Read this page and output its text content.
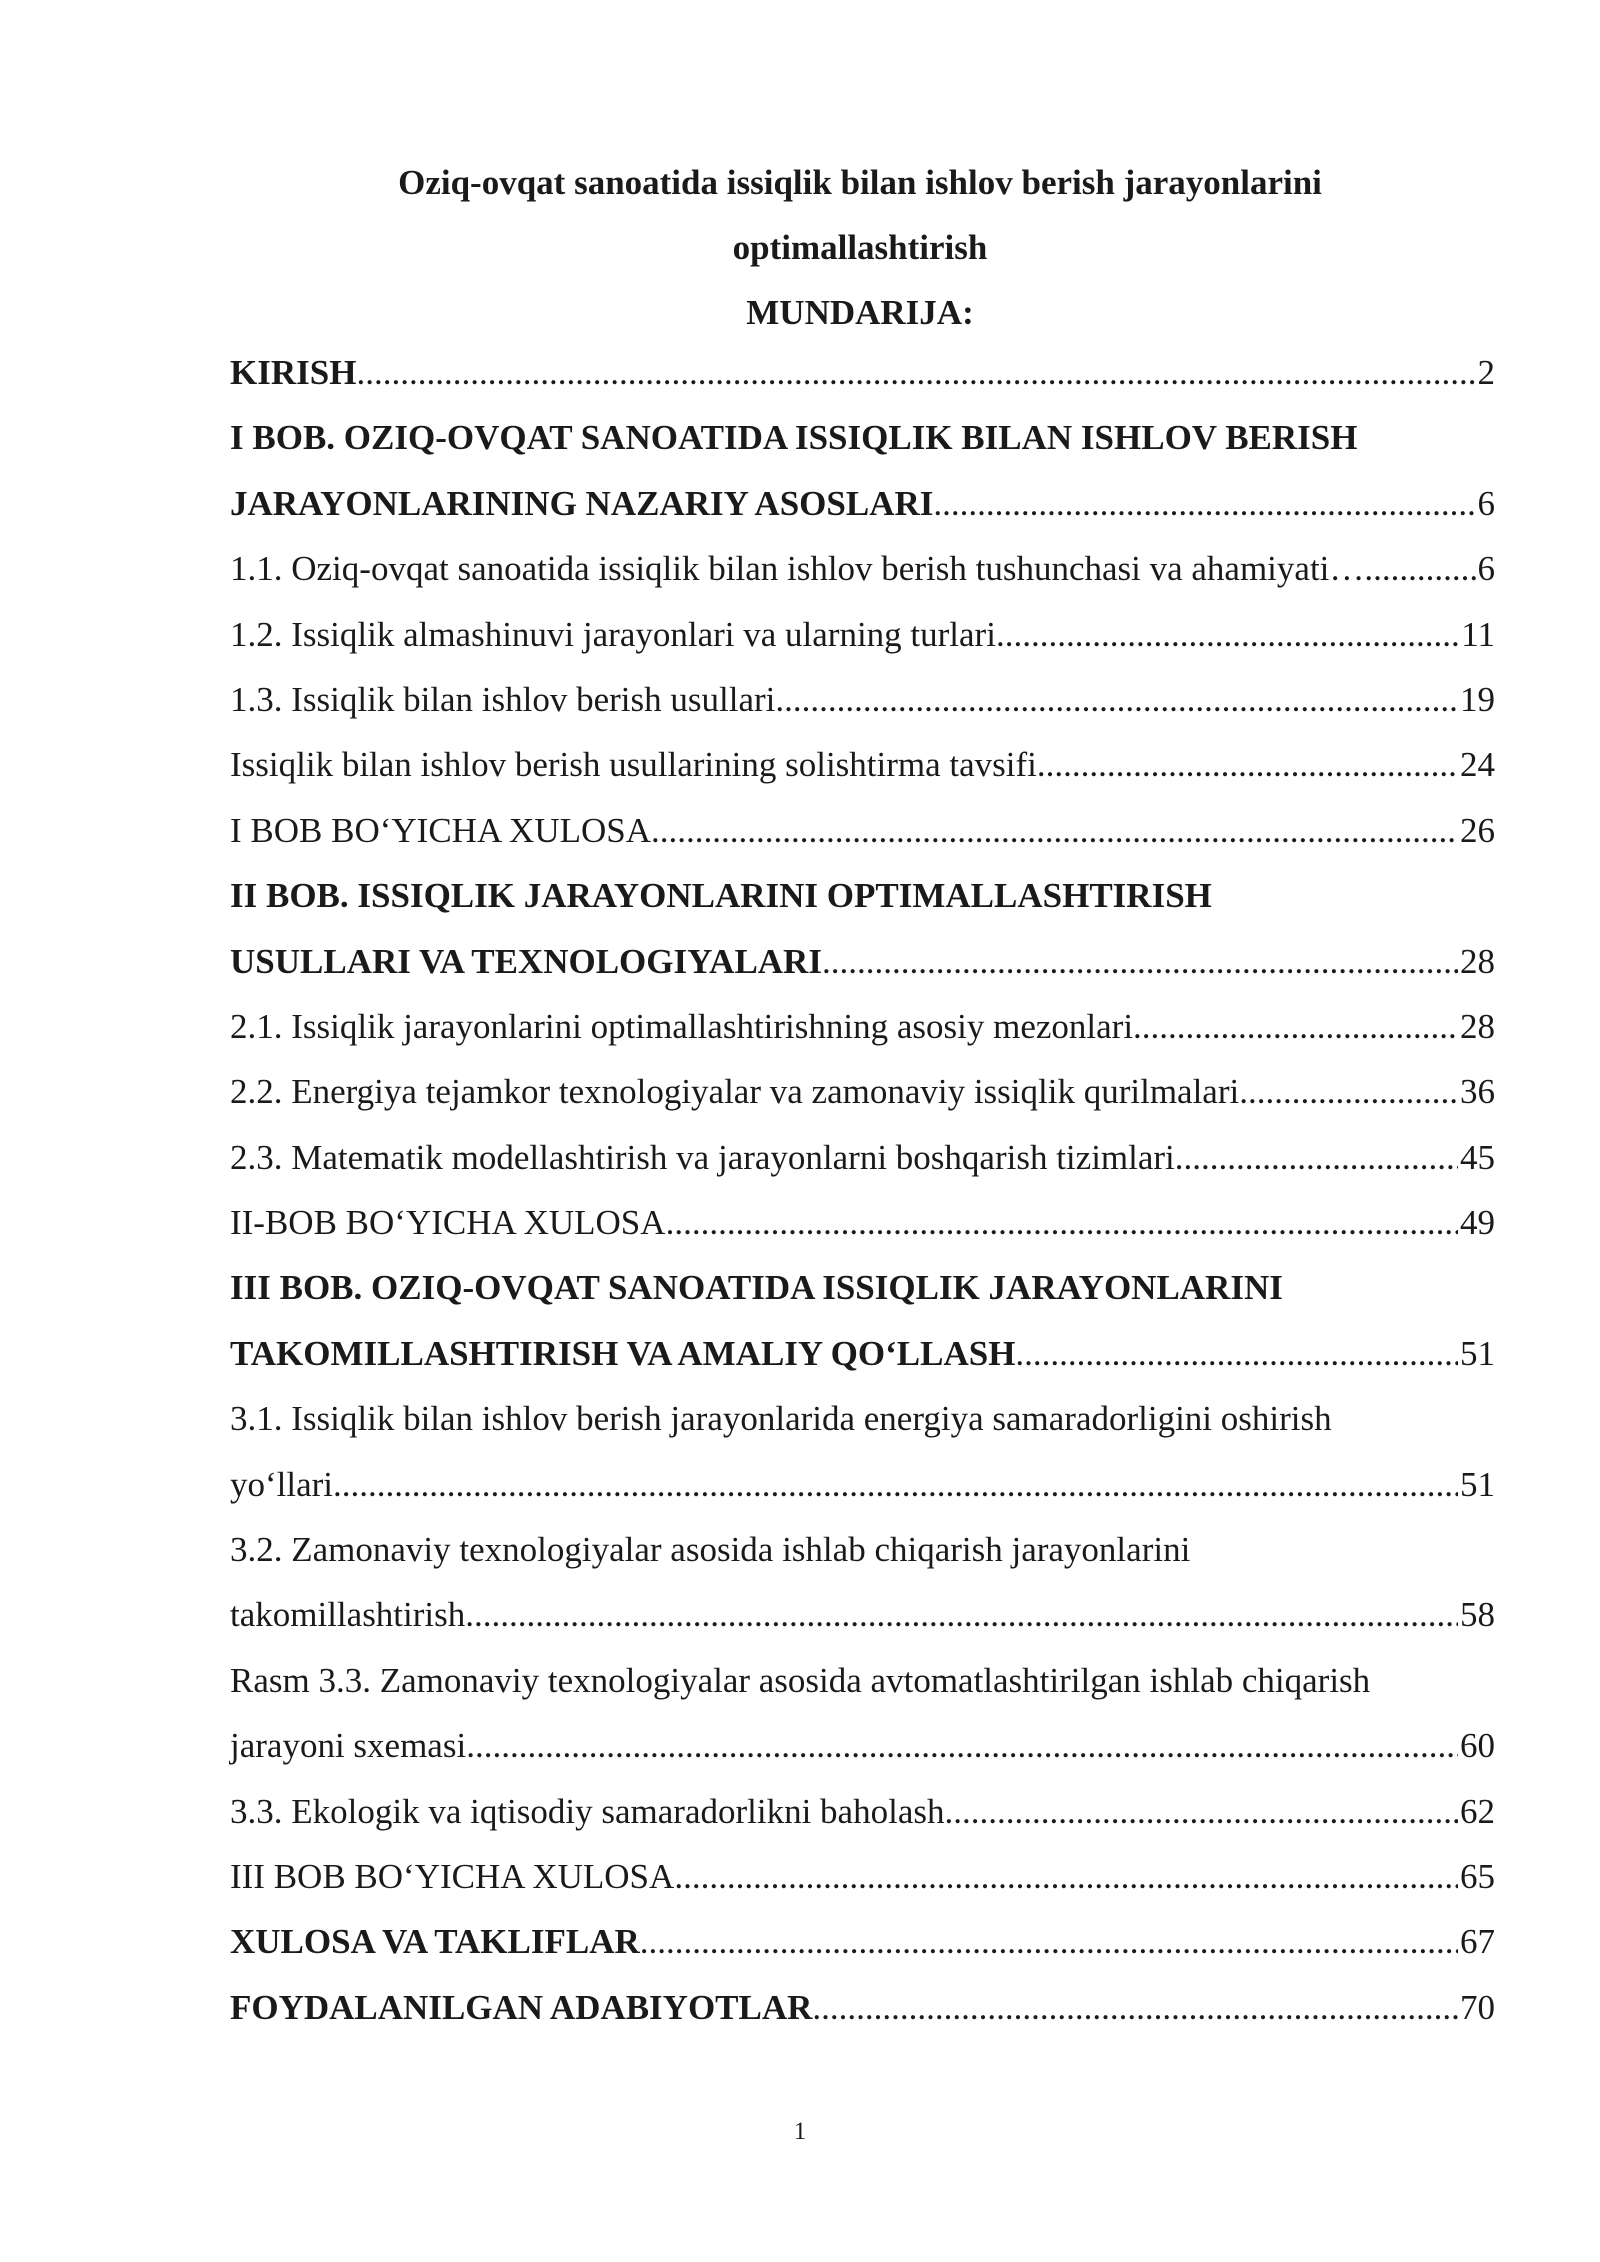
Oziq-ovqat sanoatida issiqlik bilan ishlov berish jarayonlarini
optimallashtirish
MUNDARIJA:
KIRISH .....	2
I BOB. OZIQ-OVQAT SANOATIDA ISSIQLIK BILAN ISHLOV BERISH
JARAYONLARINING NAZARIY ASOSLARI .....	6
1.1. Oziq-ovqat sanoatida issiqlik bilan ishlov berish tushunchasi va ahamiyati… .....	6
1.2. Issiqlik almashinuvi jarayonlari va ularning turlari .....	11
1.3. Issiqlik bilan ishlov berish usullari .....	19
Issiqlik bilan ishlov berish usullarining solishtirma tavsifi .....	24
I BOB BO‘YICHA XULOSA .....	26
II BOB. ISSIQLIK JARAYONLARINI OPTIMALLASHTIRISH
USULLARI VA TEXNOLOGIYALARI .....	28
2.1. Issiqlik jarayonlarini optimallashtirishning asosiy mezonlari .....	28
2.2. Energiya tejamkor texnologiyalar va zamonaviy issiqlik qurilmalari .....	36
2.3. Matematik modellashtirish va jarayonlarni boshqarish tizimlari .....	45
II-BOB BO‘YICHA XULOSA .....	49
III BOB. OZIQ-OVQAT SANOATIDA ISSIQLIK JARAYONLARINI
TAKOMILLASHTIRISH VA AMALIY QO‘LLASH .....	51
3.1. Issiqlik bilan ishlov berish jarayonlarida energiya samaradorligini oshirish
yo‘llari .....	51
3.2. Zamonaviy texnologiyalar asosida ishlab chiqarish jarayonlarini
takomillashtirish .....	58
Rasm 3.3. Zamonaviy texnologiyalar asosida avtomatlashtirilgan ishlab chiqarish
jarayoni sxemasi .....	60
3.3. Ekologik va iqtisodiy samaradorlikni baholash .....	62
III BOB BO‘YICHA XULOSA .....	65
XULOSA VA TAKLIFLAR .....	67
FOYDALANILGAN ADABIYOTLAR .....	70
1
